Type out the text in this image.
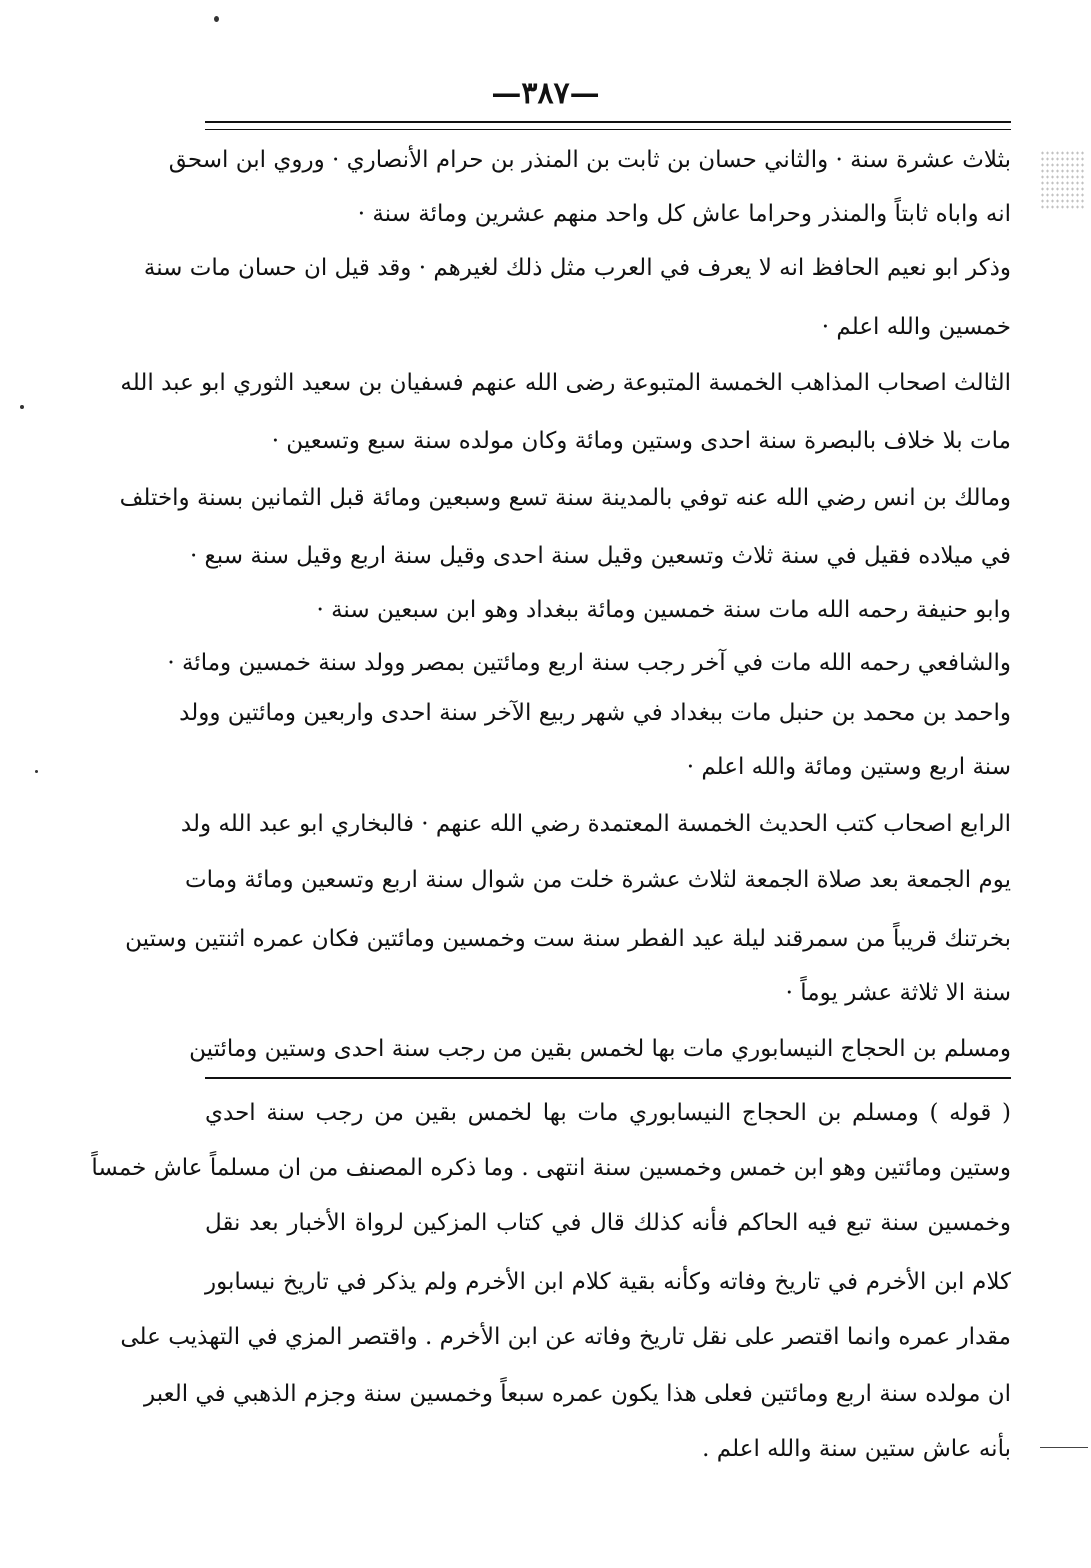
—٣٨٧—
بثلاث عشرة سنة · والثاني حسان بن ثابت بن المنذر بن حرام الأنصاري · وروي ابن اسحق
انه واباه ثابتاً والمنذر وحراما عاش كل واحد منهم عشرين ومائة سنة ·
وذكر ابو نعيم الحافظ انه لا يعرف في العرب مثل ذلك لغيرهم · وقد قيل ان حسان مات سنة
خمسين والله اعلم ·
الثالث اصحاب المذاهب الخمسة المتبوعة رضى الله عنهم فسفيان بن سعيد الثوري ابو عبد الله
مات بلا خلاف بالبصرة سنة احدى وستين ومائة وكان مولده سنة سبع وتسعين ·
ومالك بن انس رضي الله عنه توفي بالمدينة سنة تسع وسبعين ومائة قبل الثمانين بسنة واختلف
في ميلاده فقيل في سنة ثلاث وتسعين وقيل سنة احدى وقيل سنة اربع وقيل سنة سبع ·
وابو حنيفة رحمه الله مات سنة خمسين ومائة ببغداد وهو ابن سبعين سنة ·
والشافعي رحمه الله مات في آخر رجب سنة اربع ومائتين بمصر وولد سنة خمسين ومائة ·
واحمد بن محمد بن حنبل مات ببغداد في شهر ربيع الآخر سنة احدى واربعين ومائتين وولد
سنة اربع وستين ومائة والله اعلم ·
الرابع اصحاب كتب الحديث الخمسة المعتمدة رضي الله عنهم · فالبخاري ابو عبد الله ولد
يوم الجمعة بعد صلاة الجمعة لثلاث عشرة خلت من شوال سنة اربع وتسعين ومائة ومات
بخرتنك قريباً من سمرقند ليلة عيد الفطر سنة ست وخمسين ومائتين فكان عمره اثنتين وستين
سنة الا ثلاثة عشر يوماً ·
ومسلم بن الحجاج النيسابوري مات بها لخمس بقين من رجب سنة احدى وستين ومائتين
( قوله ) ومسلم بن الحجاج النيسابوري مات بها لخمس بقين من رجب سنة احدي
وستين ومائتين وهو ابن خمس وخمسين سنة انتهى . وما ذكره المصنف من ان مسلماً عاش خمساً
وخمسين سنة تبع فيه الحاكم فأنه كذلك قال في كتاب المزكين لرواة الأخبار بعد نقل
كلام ابن الأخرم في تاريخ وفاته وكأنه بقية كلام ابن الأخرم ولم يذكر في تاريخ نيسابور
مقدار عمره وانما اقتصر على نقل تاريخ وفاته عن ابن الأخرم . واقتصر المزي في التهذيب على
ان مولده سنة اربع ومائتين فعلى هذا يكون عمره سبعاً وخمسين سنة وجزم الذهبي في العبر
بأنه عاش ستين سنة والله اعلم .
